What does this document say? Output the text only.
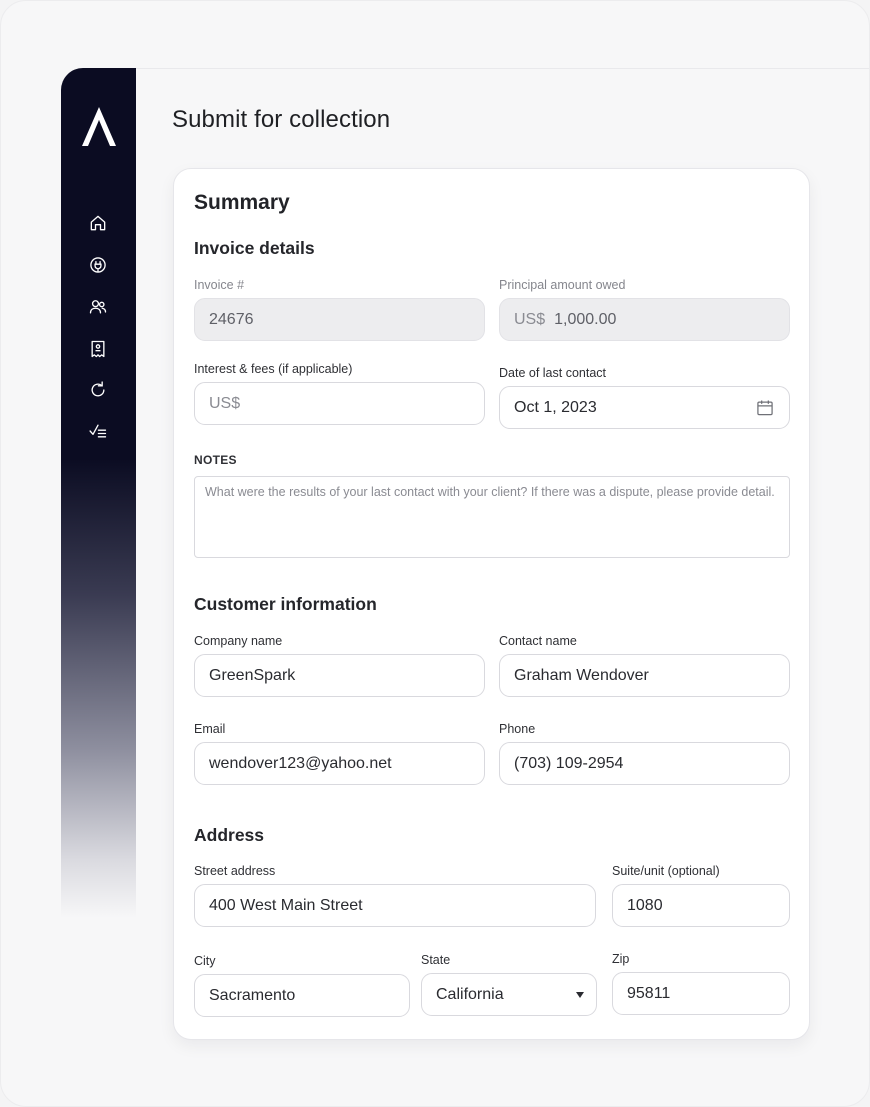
Submit for collection
Summary
Invoice details
Invoice #
24676
Principal amount owed
US$ 1,000.00
Interest & fees (if applicable)
US$
Date of last contact
Oct 1, 2023
NOTES
What were the results of your last contact with your client? If there was a dispute, please provide detail.
Customer information
Company name
GreenSpark
Contact name
Graham Wendover
Email
wendover123@yahoo.net
Phone
(703) 109-2954
Address
Street address
400 West Main Street
Suite/unit (optional)
1080
City
Sacramento
State
California
Zip
95811
